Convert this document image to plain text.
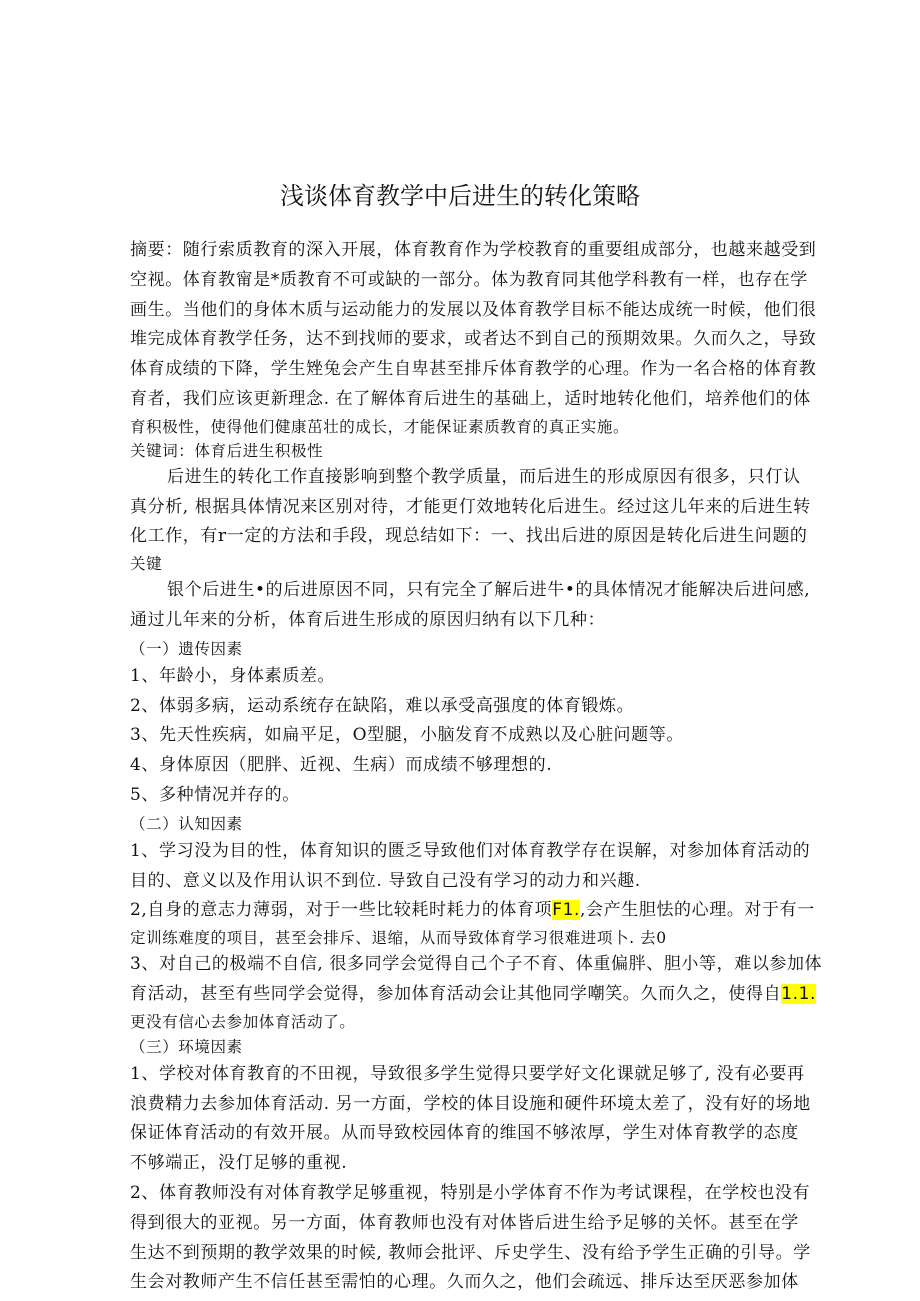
浅谈体育教学中后进生的转化策略
摘要：随行索质教育的深入开展，体育教育作为学校教育的重要组成部分，也越来越受到
空视。体育教甯是*质教育不可或缺的一部分。体为教育同其他学科教有一样，也存在学
画生。当他们的身体木质与运动能力的发展以及体育教学目标不能达成统一时候，他们很
堆完成体育教学任务，达不到找师的要求，或者达不到自己的预期效果。久而久之，导致
体育成绩的下降，学生矬兔会产生自卑甚至排斥体育教学的心理。作为一名合格的体育教
育者，我们应该更新理念. 在了解体育后进生的基础上，适时地转化他们，培养他们的体
育积极性，使得他们健康茁壮的成长，才能保证素质教育的真正实施。
关键词：体育后进生积极性
后进生的转化工作直接影响到整个教学质量，而后进生的形成原因有很多，只仃认
真分析, 根据具体情况来区别对待，才能更仃效地转化后进生。经过这儿年来的后进生转
化工作，有r一定的方法和手段，现总结如下：一、找出后进的原因是转化后进生问题的
关键
银个后进生•的后进原因不同，只有完全了解后进牛•的具体情况才能解决后进问感,
通过儿年来的分析，体育后进生形成的原因归纳有以下几种：
（一）遗传因素
1、年龄小，身体素质差。
2、体弱多病，运动系统存在缺陷，难以承受高强度的体育锻炼。
3、先天性疾病，如扁平足，O型腿，小脑发育不成熟以及心脏问题等。
4、身体原因（肥胖、近视、生病）而成绩不够理想的.
5、多种情况并存的。
（二）认知因素
1、学习没为目的性，体育知识的匮乏导致他们对体育教学存在误解，对参加体育活动的
目的、意义以及作用认识不到位. 导致自己没有学习的动力和兴趣.
2,自身的意志力薄弱，对于一些比较耗时耗力的体育项F1.,会产生胆怯的心理。对于有一
定训练难度的项目，甚至会排斥、退缩，从而导致体育学习很难进项卜. 去0
3、对自己的极端不自信, 很多同学会觉得自己个子不育、体重偏胖、胆小等，难以参加体
育活动，甚至有些同学会觉得，参加体育活动会让其他同学嘲笑。久而久之，使得自1.1.
更没有信心去参加体育活动了。
（三）环境因素
1、学校对体育教育的不田视，导致很多学生觉得只要学好文化课就足够了, 没有必要再
浪费精力去参加体育活动. 另一方面，学校的体目设施和硬件环境太差了，没有好的场地
保证体育活动的有效开展。从而导致校园体育的维国不够浓厚，学生对体育教学的态度
不够端正，没仃足够的重视.
2、体育教师没有对体育教学足够重视，特别是小学体育不作为考试课程，在学校也没有
得到很大的亚视。另一方面，体育教师也没有对体皆后进生给予足够的关怀。甚至在学
生达不到预期的教学效果的时候, 教师会批评、斥史学生、没有给予学生正确的引导。学
生会对教师产生不信任甚至需怕的心理。久而久之，他们会疏远、排斥达至厌恶参加体
